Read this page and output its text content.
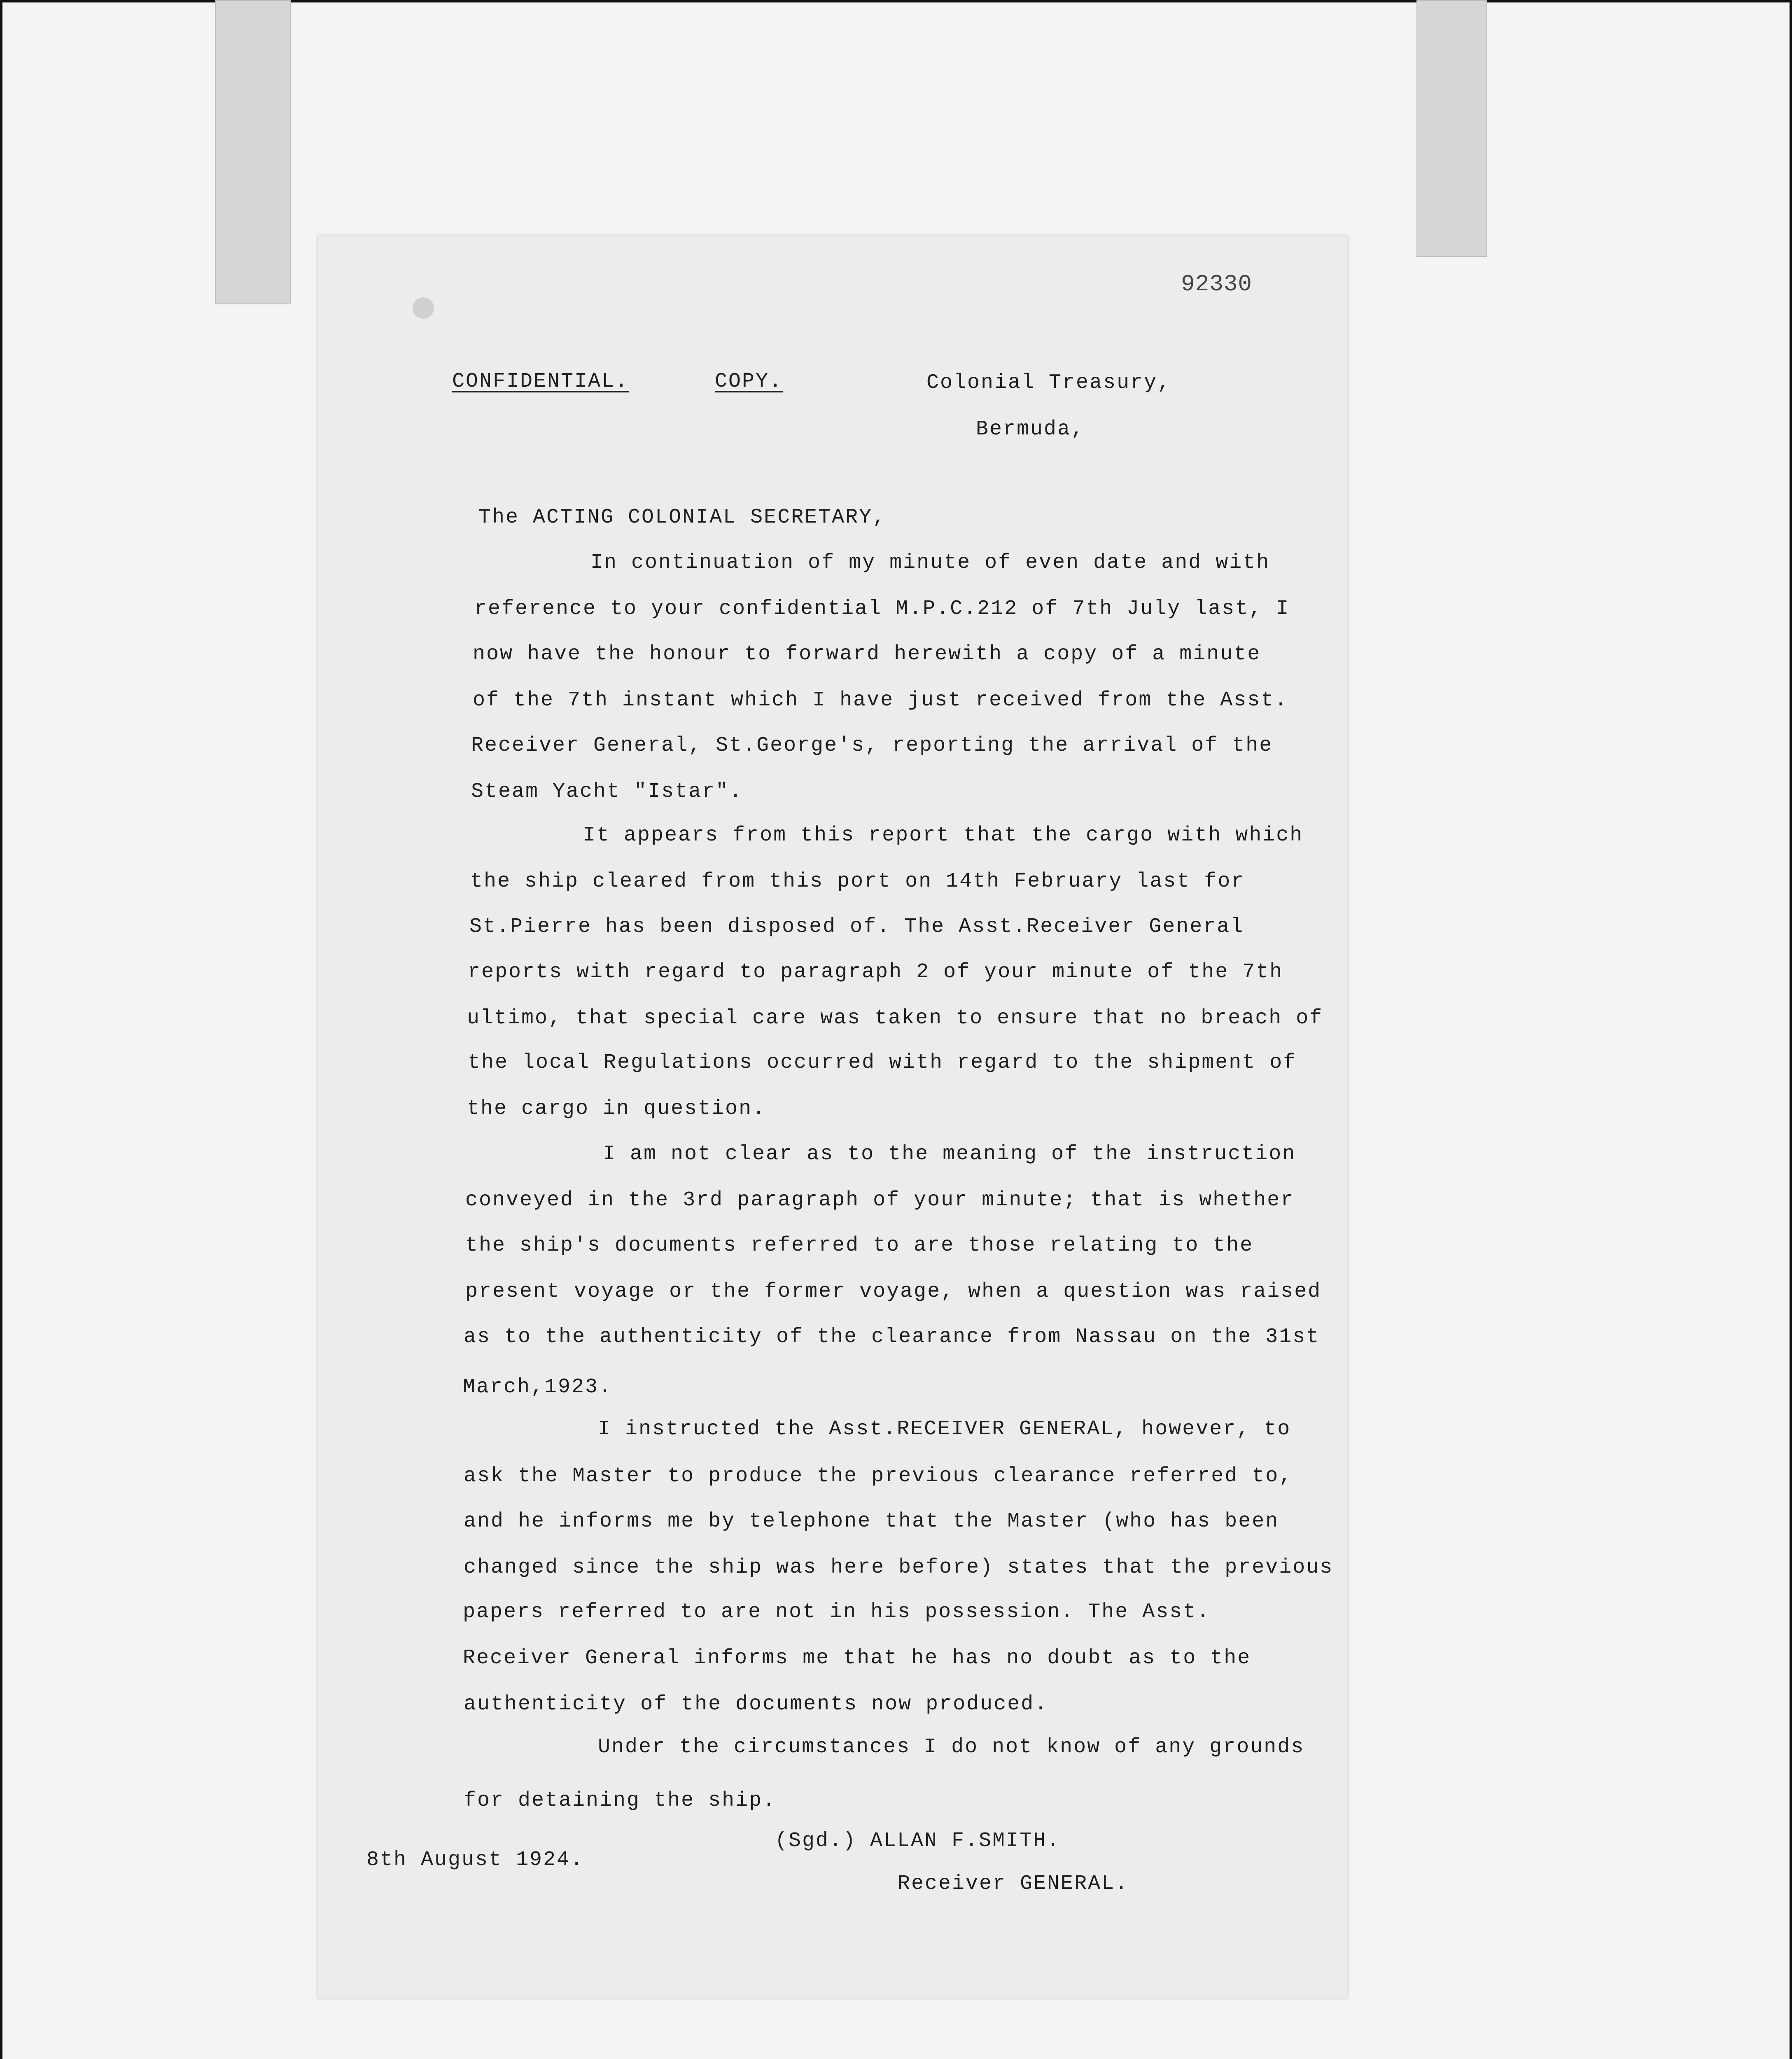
92330
CONFIDENTIAL.	COPY.	Colonial Treasury,
Bermuda,
The ACTING COLONIAL SECRETARY,
In continuation of my minute of even date and with
reference to your confidential M.P.C.212 of 7th July last, I
now have the honour to forward herewith a copy of a minute
of the 7th instant which I have just received from the Asst.
Receiver General, St.George's, reporting the arrival of the
Steam Yacht "Istar".
It appears from this report that the cargo with which
the ship cleared from this port on 14th February last for
St.Pierre has been disposed of. The Asst.Receiver General
reports with regard to paragraph 2 of your minute of the 7th
ultimo, that special care was taken to ensure that no breach of
the local Regulations occurred with regard to the shipment of
the cargo in question.
I am not clear as to the meaning of the instruction
conveyed in the 3rd paragraph of your minute; that is whether
the ship's documents referred to are those relating to the
present voyage or the former voyage, when a question was raised
as to the authenticity of the clearance from Nassau on the 31st
March,1923.
I instructed the Asst.RECEIVER GENERAL, however, to
ask the Master to produce the previous clearance referred to,
and he informs me by telephone that the Master (who has been
changed since the ship was here before) states that the previous
papers referred to are not in his possession. The Asst.
Receiver General informs me that he has no doubt as to the
authenticity of the documents now produced.
Under the circumstances I do not know of any grounds
for detaining the ship.
(Sgd.) ALLAN F.SMITH.
8th August 1924.
Receiver GENERAL.
